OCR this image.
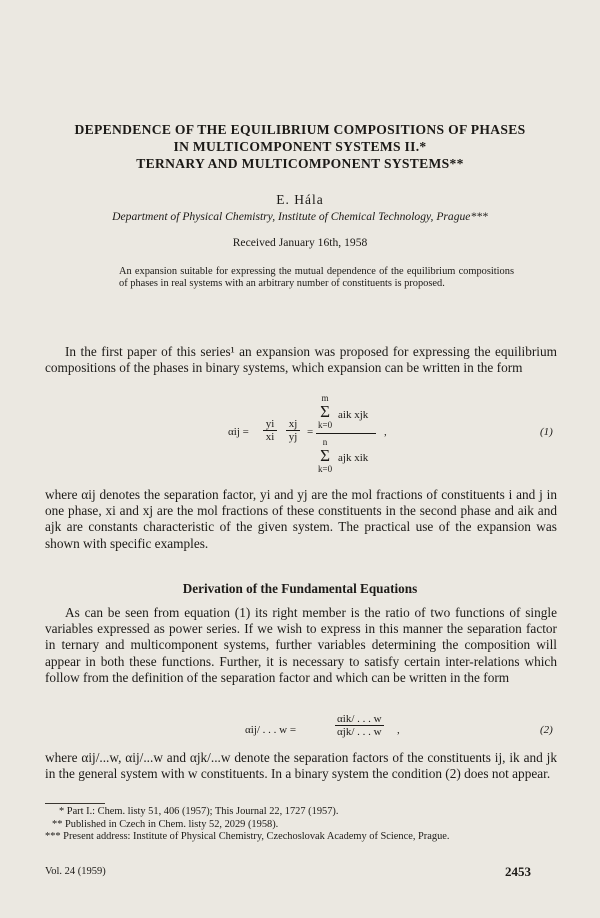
DEPENDENCE OF THE EQUILIBRIUM COMPOSITIONS OF PHASES
IN MULTICOMPONENT SYSTEMS II.*
TERNARY AND MULTICOMPONENT SYSTEMS**
E. Hála
Department of Physical Chemistry, Institute of Chemical Technology, Prague***
Received January 16th, 1958
An expansion suitable for expressing the mutual dependence of the equilibrium compositions of phases in real systems with an arbitrary number of constituents is proposed.

In the first paper of this series¹ an expansion was proposed for expressing the equilibrium compositions of the phases in binary systems, which expansion can be written in the form

$\alpha ij = \frac{yi}{xi} \frac{xj}{yj}$ =
m
Σ
k=0
aik xjk
n
Σ
k=0
ajk xik
,	(1)

where αij denotes the separation factor, yi and yj are the mol fractions of constituents i and j in one phase, xi and xj are the mol fractions of these constituents in the second phase and aik and ajk are constants characteristic of the given system. The practical use of the expansion was shown with specific examples.

Derivation of the Fundamental Equations

As can be seen from equation (1) its right member is the ratio of two functions of single variables expressed as power series. If we wish to express in this manner the separation factor in ternary and multicomponent systems, further variables determining the composition will appear in both these functions. Further, it is necessary to satisfy certain inter-relations which follow from the definition of the separation factor and which can be written in the form

αij/ . . . w =
αik/ . . . w
αjk/ . . . w ,	(2)

where αij/...w, αij/...w and αjk/...w denote the separation factors of the constituents ij, ik and jk in the general system with w constituents. In a binary system the condition (2) does not appear.

* Part I.: Chem. listy 51, 406 (1957); This Journal 22, 1727 (1957).
** Published in Czech in Chem. listy 52, 2029 (1958).
*** Present address: Institute of Physical Chemistry, Czechoslovak Academy of Science, Prague.
Vol. 24 (1959)	2453
